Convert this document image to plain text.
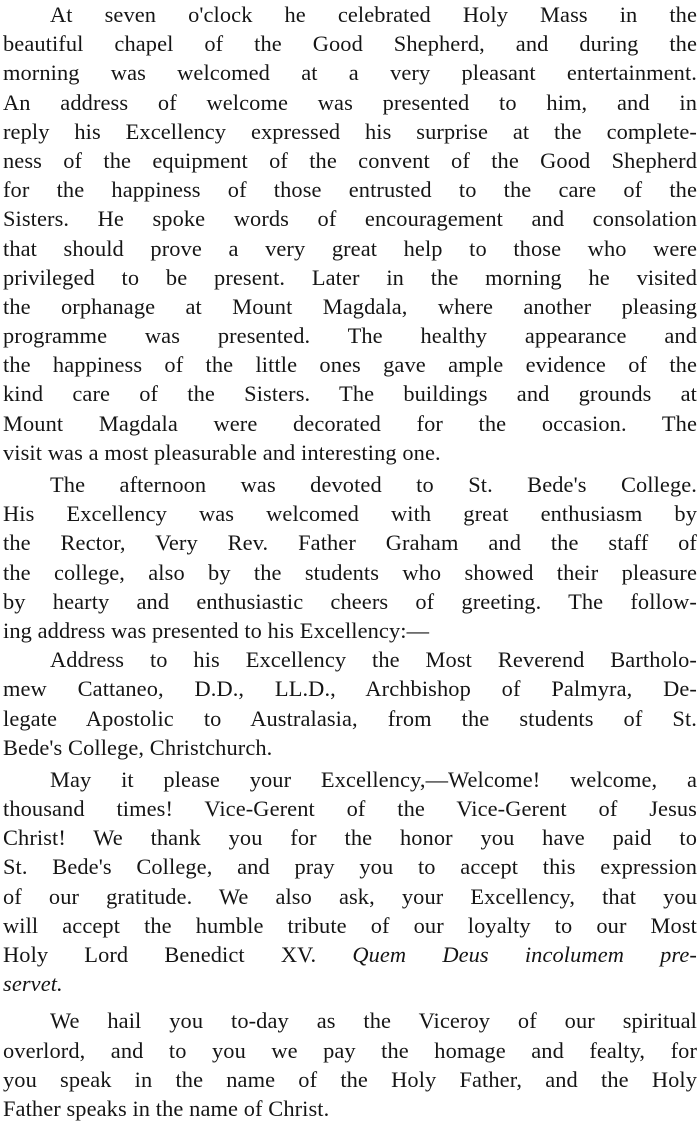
At seven o'clock he celebrated Holy Mass in the
beautiful chapel of the Good Shepherd, and during the
morning was welcomed at a very pleasant entertainment.
An address of welcome was presented to him, and in
reply his Excellency expressed his surprise at the complete-
ness of the equipment of the convent of the Good Shepherd
for the happiness of those entrusted to the care of the
Sisters. He spoke words of encouragement and consolation
that should prove a very great help to those who were
privileged to be present. Later in the morning he visited
the orphanage at Mount Magdala, where another pleasing
programme was presented. The healthy appearance and
the happiness of the little ones gave ample evidence of the
kind care of the Sisters. The buildings and grounds at
Mount Magdala were decorated for the occasion. The
visit was a most pleasurable and interesting one.
The afternoon was devoted to St. Bede's College.
His Excellency was welcomed with great enthusiasm by
the Rector, Very Rev. Father Graham and the staff of
the college, also by the students who showed their pleasure
by hearty and enthusiastic cheers of greeting. The follow-
ing address was presented to his Excellency:—
Address to his Excellency the Most Reverend Bartholo-
mew Cattaneo, D.D., LL.D., Archbishop of Palmyra, De-
legate Apostolic to Australasia, from the students of St.
Bede's College, Christchurch.
May it please your Excellency,—Welcome! welcome, a
thousand times! Vice-Gerent of the Vice-Gerent of Jesus
Christ! We thank you for the honor you have paid to
St. Bede's College, and pray you to accept this expression
of our gratitude. We also ask, your Excellency, that you
will accept the humble tribute of our loyalty to our Most
Holy Lord Benedict XV. Quem Deus incolumem pre-
servet.
We hail you to-day as the Viceroy of our spiritual
overlord, and to you we pay the homage and fealty, for
you speak in the name of the Holy Father, and the Holy
Father speaks in the name of Christ.
